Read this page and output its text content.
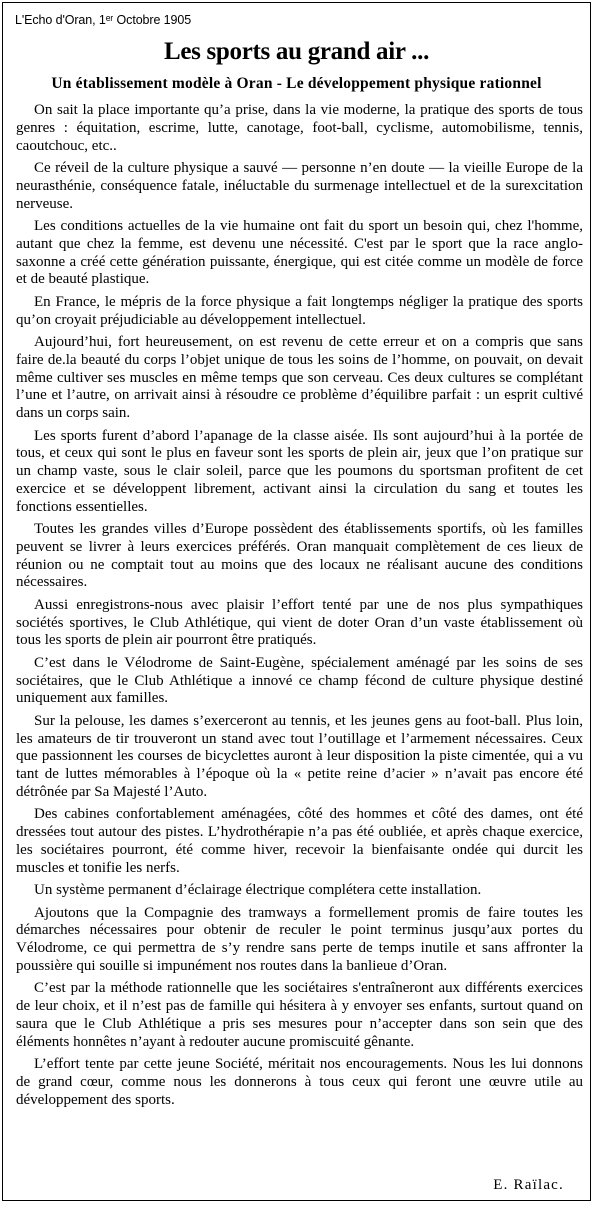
L'Echo d'Oran, 1ᵉʳ Octobre 1905
Les sports au grand air ...
Un établissement modèle à Oran - Le développement physique rationnel

On sait la place importante qu’a prise, dans la vie moderne, la pratique des sports de tous genres : équitation, escrime, lutte, canotage, foot-ball, cyclisme, automobilisme, tennis, caoutchouc, etc..

Ce réveil de la culture physique a sauvé — personne n’en doute — la vieille Europe de la neurasthénie, conséquence fatale, inéluctable du surmenage intellectuel et de la surexcitation nerveuse.

Les conditions actuelles de la vie humaine ont fait du sport un besoin qui, chez l'homme, autant que chez la femme, est devenu une nécessité. C'est par le sport que la race anglo-saxonne a créé cette génération puissante, énergique, qui est citée comme un modèle de force et de beauté plastique.

En France, le mépris de la force physique a fait longtemps négliger la pratique des sports qu’on croyait préjudiciable au développement intellectuel.

Aujourd’hui, fort heureusement, on est revenu de cette erreur et on a compris que sans faire de.la beauté du corps l’objet unique de tous les soins de l’homme, on pouvait, on devait même cultiver ses muscles en même temps que son cerveau. Ces deux cultures se complétant l’une et l’autre, on arrivait ainsi à résoudre ce problème d’équilibre parfait : un esprit cultivé dans un corps sain.

Les sports furent d’abord l’apanage de la classe aisée. Ils sont aujourd’hui à la portée de tous, et ceux qui sont le plus en faveur sont les sports de plein air, jeux que l’on pratique sur un champ vaste, sous le clair soleil, parce que les poumons du sportsman profitent de cet exercice et se développent librement, activant ainsi la circulation du sang et toutes les fonctions essentielles.

Toutes les grandes villes d’Europe possèdent des établissements sportifs, où les familles peuvent se livrer à leurs exercices préférés. Oran manquait complètement de ces lieux de réunion ou ne comptait tout au moins que des locaux ne réalisant aucune des conditions nécessaires.

Aussi enregistrons-nous avec plaisir l’effort tenté par une de nos plus sympathiques sociétés sportives, le Club Athlétique, qui vient de doter Oran d’un vaste établissement où tous les sports de plein air pourront être pratiqués.

C’est dans le Vélodrome de Saint-Eugène, spécialement aménagé par les soins de ses sociétaires, que le Club Athlétique a innové ce champ fécond de culture physique destiné uniquement aux familles.

Sur la pelouse, les dames s’exerceront au tennis, et les jeunes gens au foot-ball. Plus loin, les amateurs de tir trouveront un stand avec tout l’outillage et l’armement nécessaires. Ceux que passionnent les courses de bicyclettes auront à leur disposition la piste cimentée, qui a vu tant de luttes mémorables à l’époque où la « petite reine d’acier » n’avait pas encore été détrônée par Sa Majesté l’Auto.

Des cabines confortablement aménagées, côté des hommes et côté des dames, ont été dressées tout autour des pistes. L’hydrothérapie n’a pas été oubliée, et après chaque exercice, les sociétaires pourront, été comme hiver, recevoir la bienfaisante ondée qui durcit les muscles et tonifie les nerfs.

Un système permanent d’éclairage électrique complétera cette installation.

Ajoutons que la Compagnie des tramways a formellement promis de faire toutes les démarches nécessaires pour obtenir de reculer le point terminus jusqu’aux portes du Vélodrome, ce qui permettra de s’y rendre sans perte de temps inutile et sans affronter la poussière qui souille si impunément nos routes dans la banlieue d’Oran.

C’est par la méthode rationnelle que les sociétaires s'entraîneront aux différents exercices de leur choix, et il n’est pas de famille qui hésitera à y envoyer ses enfants, surtout quand on saura que le Club Athlétique a pris ses mesures pour n’accepter dans son sein que des éléments honnêtes n’ayant à redouter aucune promiscuité gênante.

L’effort tente par cette jeune Société, méritait nos encouragements. Nous les lui donnons de grand cœur, comme nous les donnerons à tous ceux qui feront une œuvre utile au développement des sports.

E. Raïlac.
